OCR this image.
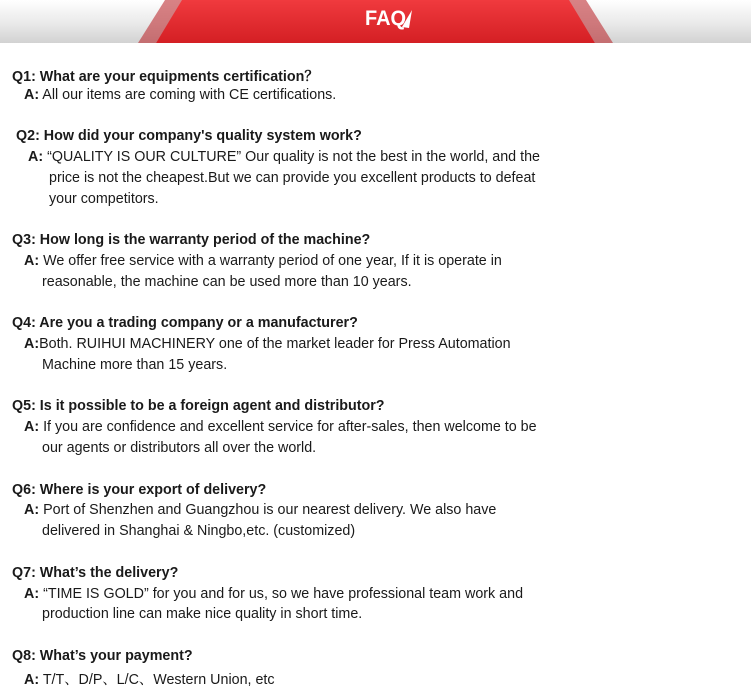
FAQ
Q1: What are your equipments certification？
A: All our items are coming with CE certifications.
Q2: How did your company's quality system work?
A: “QUALITY IS OUR CULTURE” Our quality is not the best in the world, and the
price is not the cheapest.But we can provide you excellent products to defeat
your competitors.
Q3: How long is the warranty period of the machine?
A: We offer free service with a warranty period of one year, If it is operate in
reasonable, the machine can be used more than 10 years.
Q4: Are you a trading company or a manufacturer?
A:Both. RUIHUI MACHINERY one of the market leader for Press Automation
Machine more than 15 years.
Q5: Is it possible to be a foreign agent and distributor?
A: If you are confidence and excellent service for after-sales, then welcome to be
our agents or distributors all over the world.
Q6: Where is your export of delivery?
A: Port of Shenzhen and Guangzhou is our nearest delivery. We also have
delivered in Shanghai & Ningbo,etc. (customized)
Q7: What’s the delivery?
A: “TIME IS GOLD” for you and for us, so we have professional team work and
production line can make nice quality in short time.
Q8: What’s your payment?
A: T/T、D/P、L/C、Western Union, etc
